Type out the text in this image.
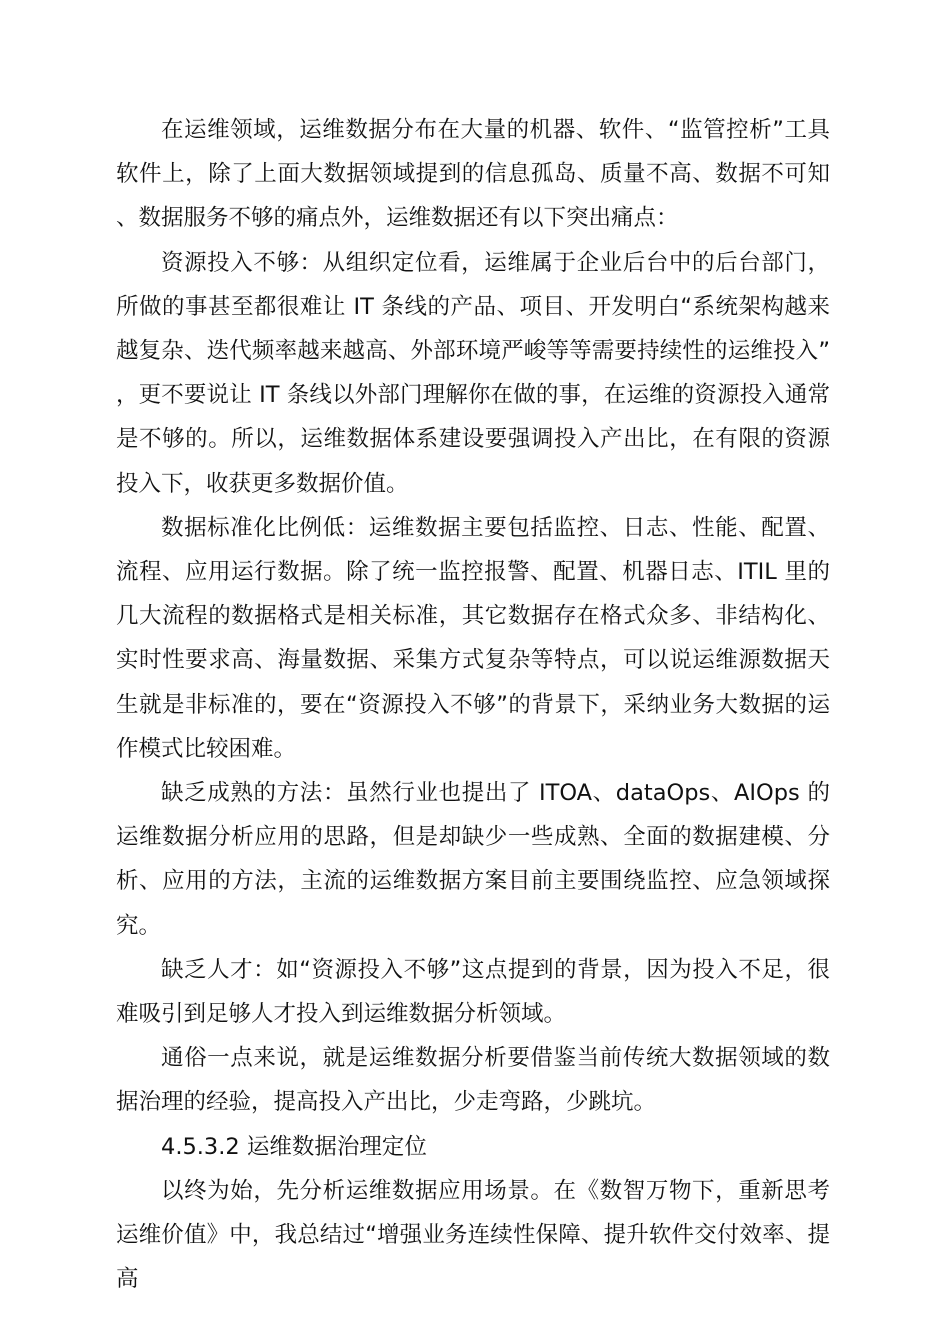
在运维领域，运维数据分布在大量的机器、软件、“监管控析”工具软件上，除了上面大数据领域提到的信息孤岛、质量不高、数据不可知、数据服务不够的痛点外，运维数据还有以下突出痛点：

资源投入不够：从组织定位看，运维属于企业后台中的后台部门，所做的事甚至都很难让 IT 条线的产品、项目、开发明白“系统架构越来越复杂、迭代频率越来越高、外部环境严峻等等需要持续性的运维投入”，更不要说让 IT 条线以外部门理解你在做的事，在运维的资源投入通常是不够的。所以，运维数据体系建设要强调投入产出比，在有限的资源投入下，收获更多数据价值。

数据标准化比例低：运维数据主要包括监控、日志、性能、配置、流程、应用运行数据。除了统一监控报警、配置、机器日志、ITIL 里的几大流程的数据格式是相关标准，其它数据存在格式众多、非结构化、实时性要求高、海量数据、采集方式复杂等特点，可以说运维源数据天生就是非标准的，要在“资源投入不够”的背景下，采纳业务大数据的运作模式比较困难。

缺乏成熟的方法：虽然行业也提出了 ITOA、dataOps、AIOps 的运维数据分析应用的思路，但是却缺少一些成熟、全面的数据建模、分析、应用的方法，主流的运维数据方案目前主要围绕监控、应急领域探究。

缺乏人才：如“资源投入不够”这点提到的背景，因为投入不足，很难吸引到足够人才投入到运维数据分析领域。

通俗一点来说，就是运维数据分析要借鉴当前传统大数据领域的数据治理的经验，提高投入产出比，少走弯路，少跳坑。

4.5.3.2 运维数据治理定位

以终为始，先分析运维数据应用场景。在《数智万物下，重新思考运维价值》中，我总结过“增强业务连续性保障、提升软件交付效率、提高
